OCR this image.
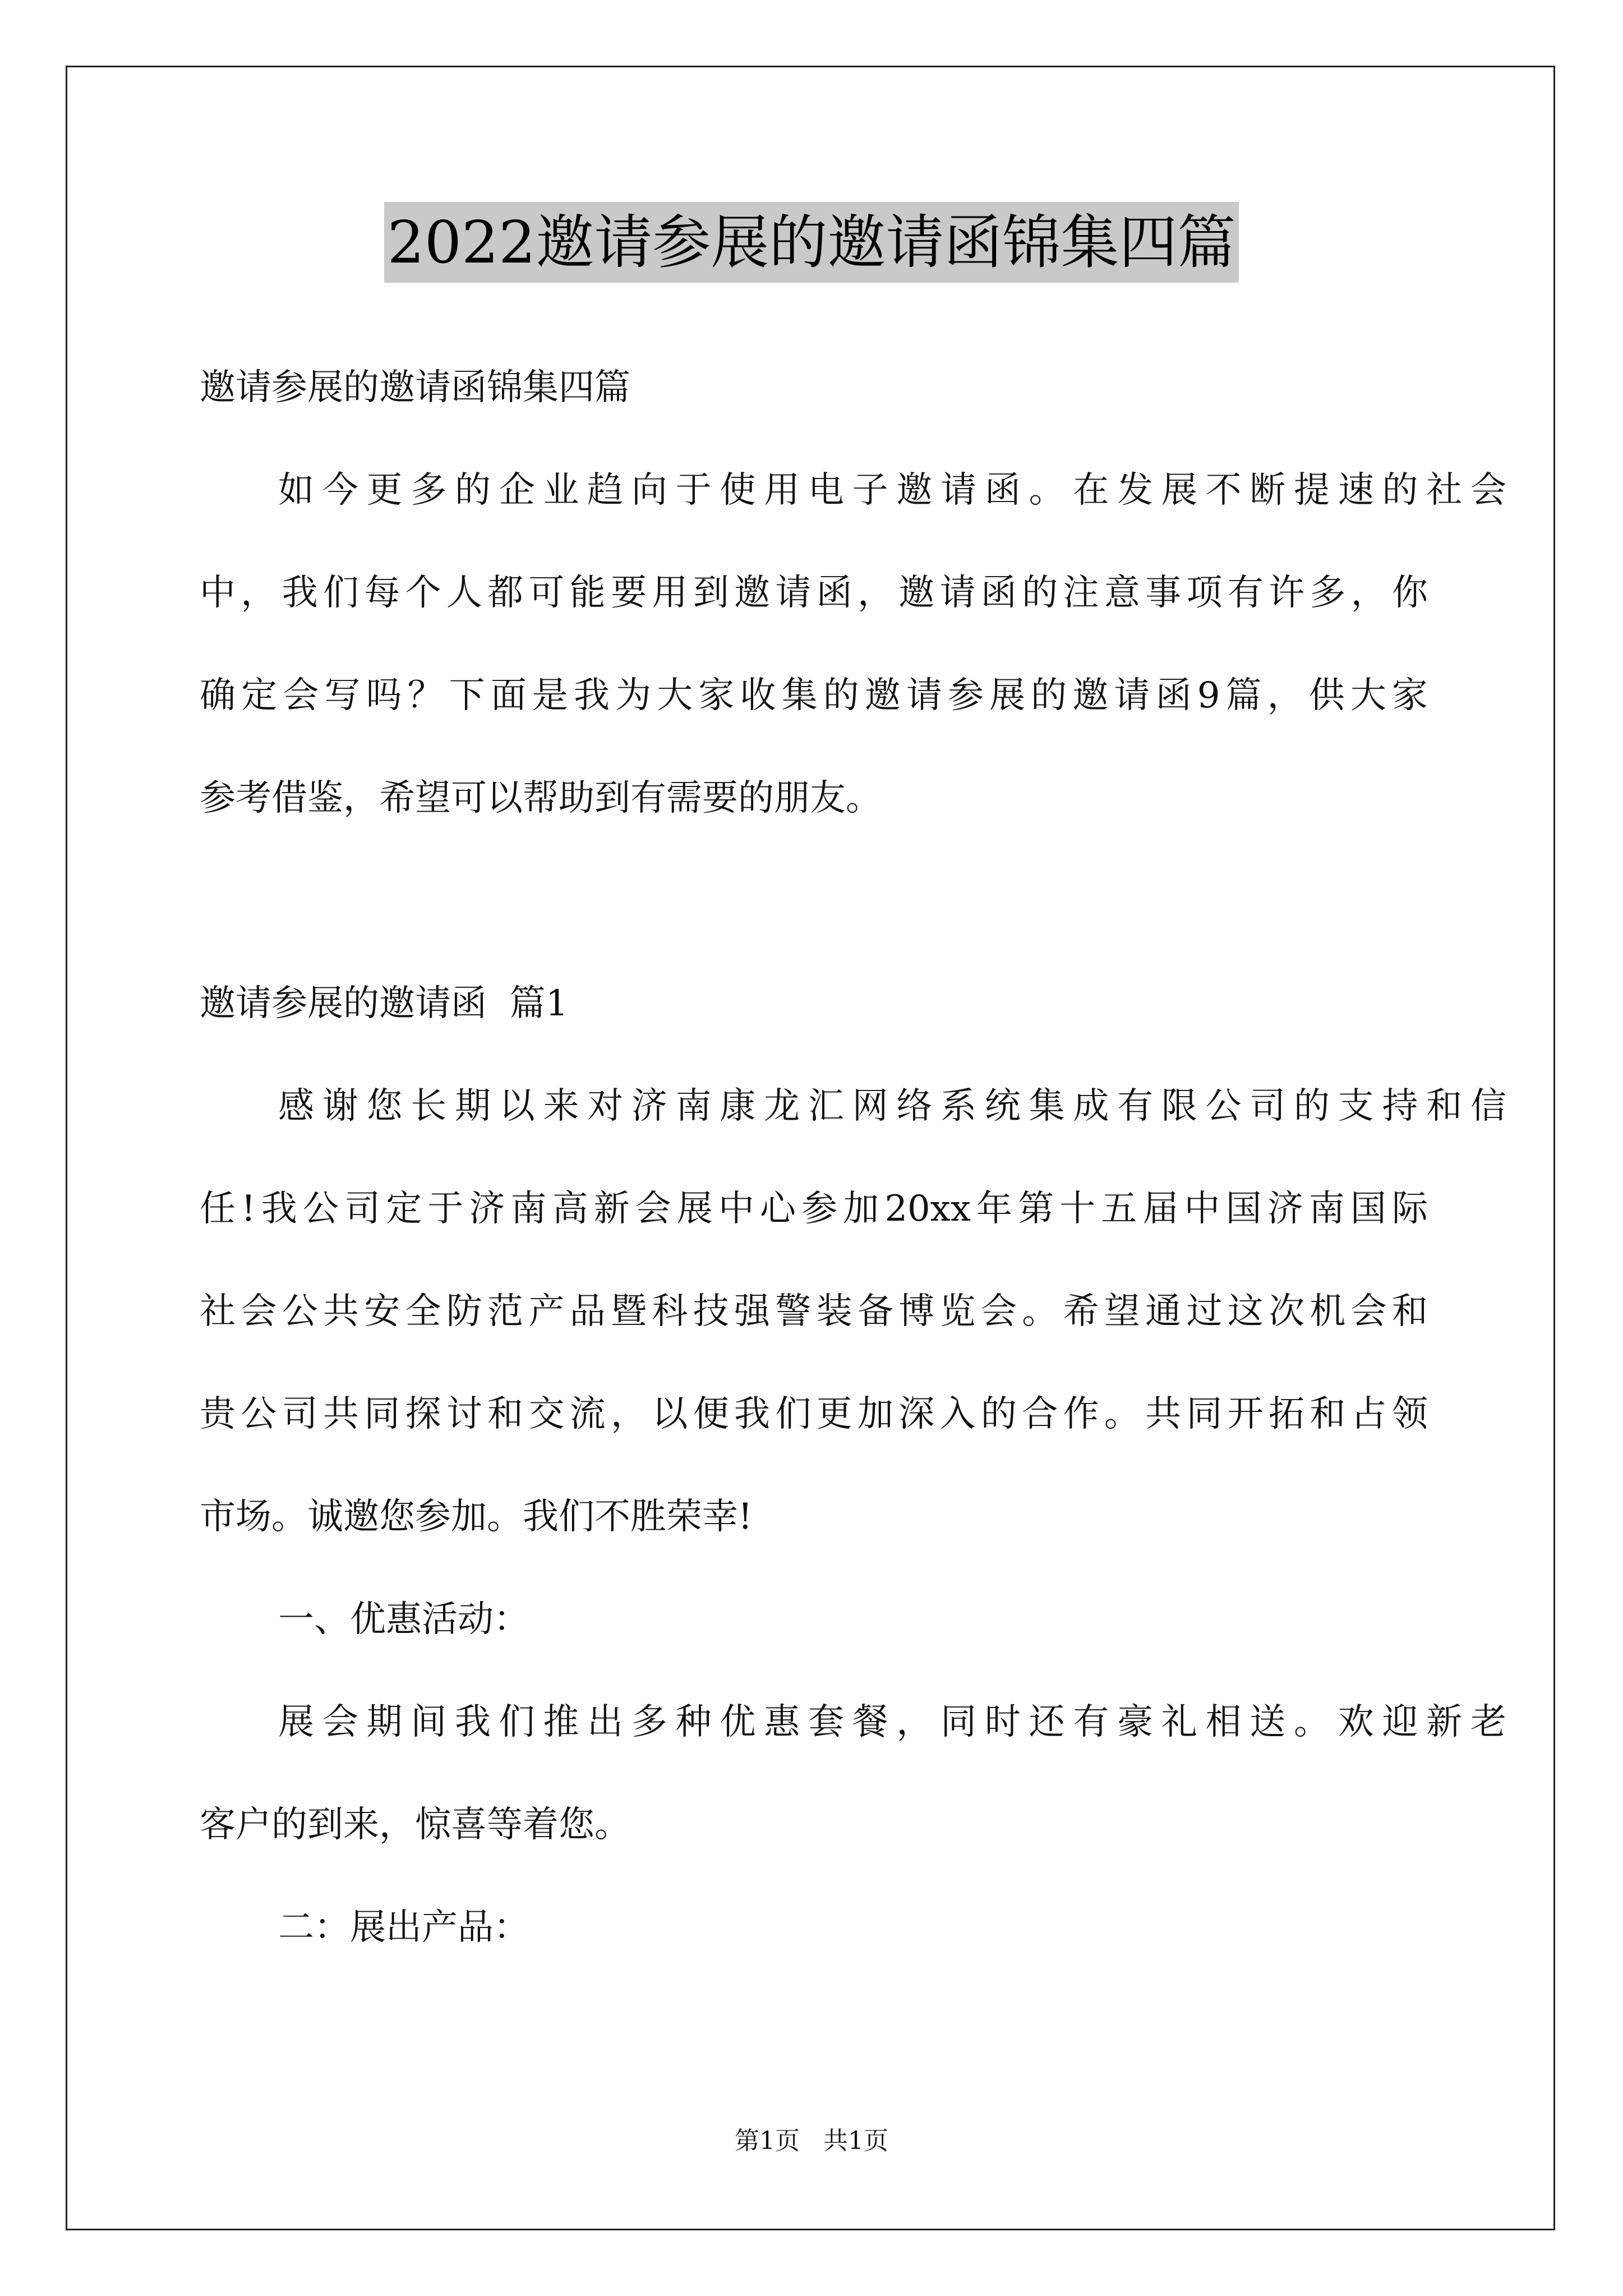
2022邀请参展的邀请函锦集四篇
邀请参展的邀请函锦集四篇
如今更多的企业趋向于使用电子邀请函。在发展不断提速的社会
中，我们每个人都可能要用到邀请函，邀请函的注意事项有许多，你
确定会写吗？下面是我为大家收集的邀请参展的邀请函9篇，供大家
参考借鉴，希望可以帮助到有需要的朋友。
邀请参展的邀请函  篇1
感谢您长期以来对济南康龙汇网络系统集成有限公司的支持和信
任!我公司定于济南高新会展中心参加20xx年第十五届中国济南国际
社会公共安全防范产品暨科技强警装备博览会。希望通过这次机会和
贵公司共同探讨和交流，以便我们更加深入的合作。共同开拓和占领
市场。诚邀您参加。我们不胜荣幸!
一、优惠活动：
展会期间我们推出多种优惠套餐，同时还有豪礼相送。欢迎新老
客户的到来，惊喜等着您。
二：展出产品：
第1页   共1页
